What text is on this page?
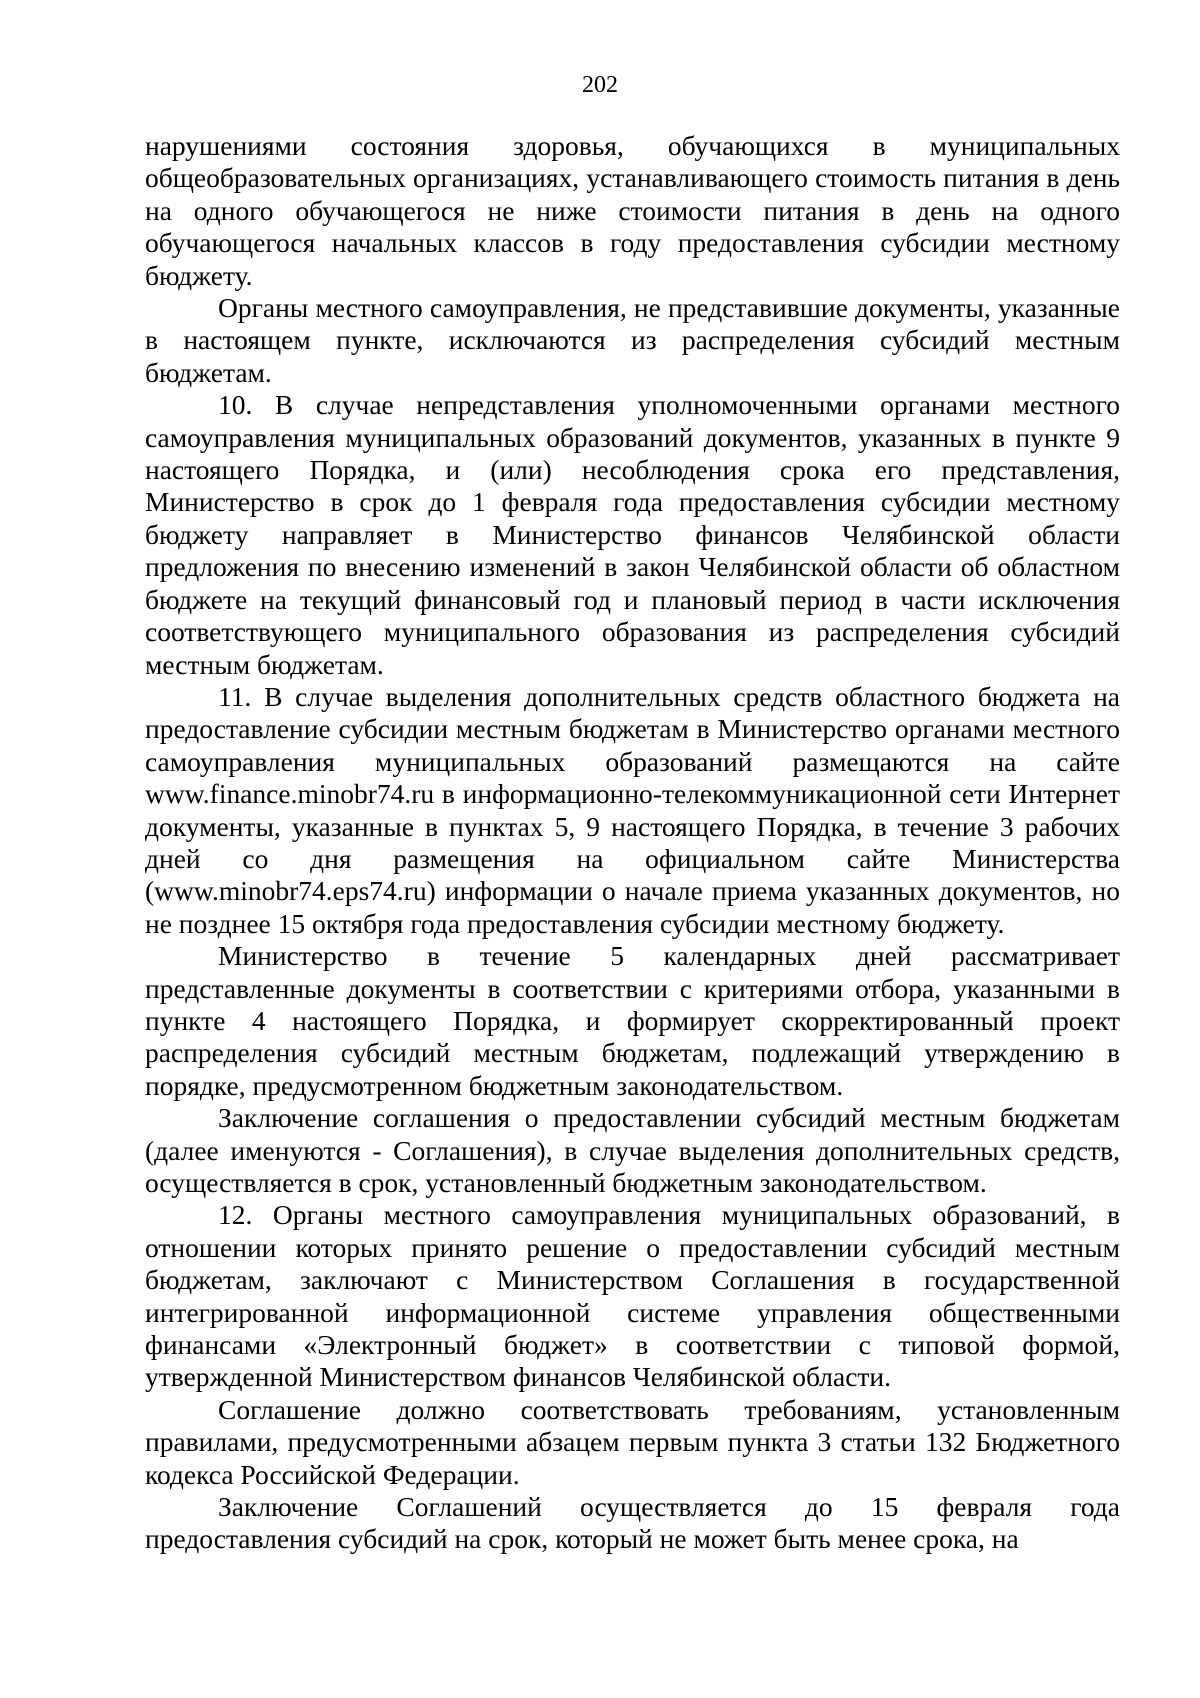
202

нарушениями состояния здоровья, обучающихся в муниципальных общеобразовательных организациях, устанавливающего стоимость питания в день на одного обучающегося не ниже стоимости питания в день на одного обучающегося начальных классов в году предоставления субсидии местному бюджету.

Органы местного самоуправления, не представившие документы, указанные в настоящем пункте, исключаются из распределения субсидий местным бюджетам.

10. В случае непредставления уполномоченными органами местного самоуправления муниципальных образований документов, указанных в пункте 9 настоящего Порядка, и (или) несоблюдения срока его представления, Министерство в срок до 1 февраля года предоставления субсидии местному бюджету направляет в Министерство финансов Челябинской области предложения по внесению изменений в закон Челябинской области об областном бюджете на текущий финансовый год и плановый период в части исключения соответствующего муниципального образования из распределения субсидий местным бюджетам.

11. В случае выделения дополнительных средств областного бюджета на предоставление субсидии местным бюджетам в Министерство органами местного самоуправления муниципальных образований размещаются на сайте www.finance.minobr74.ru в информационно-телекоммуникационной сети Интернет документы, указанные в пунктах 5, 9 настоящего Порядка, в течение 3 рабочих дней со дня размещения на официальном сайте Министерства (www.minobr74.eps74.ru) информации о начале приема указанных документов, но не позднее 15 октября года предоставления субсидии местному бюджету.

Министерство в течение 5 календарных дней рассматривает представленные документы в соответствии с критериями отбора, указанными в пункте 4 настоящего Порядка, и формирует скорректированный проект распределения субсидий местным бюджетам, подлежащий утверждению в порядке, предусмотренном бюджетным законодательством.

Заключение соглашения о предоставлении субсидий местным бюджетам (далее именуются - Соглашения), в случае выделения дополнительных средств, осуществляется в срок, установленный бюджетным законодательством.

12. Органы местного самоуправления муниципальных образований, в отношении которых принято решение о предоставлении субсидий местным бюджетам, заключают с Министерством Соглашения в государственной интегрированной информационной системе управления общественными финансами «Электронный бюджет» в соответствии с типовой формой, утвержденной Министерством финансов Челябинской области.

Соглашение должно соответствовать требованиям, установленным правилами, предусмотренными абзацем первым пункта 3 статьи 132 Бюджетного кодекса Российской Федерации.

Заключение Соглашений осуществляется до 15 февраля года предоставления субсидий на срок, который не может быть менее срока, на
